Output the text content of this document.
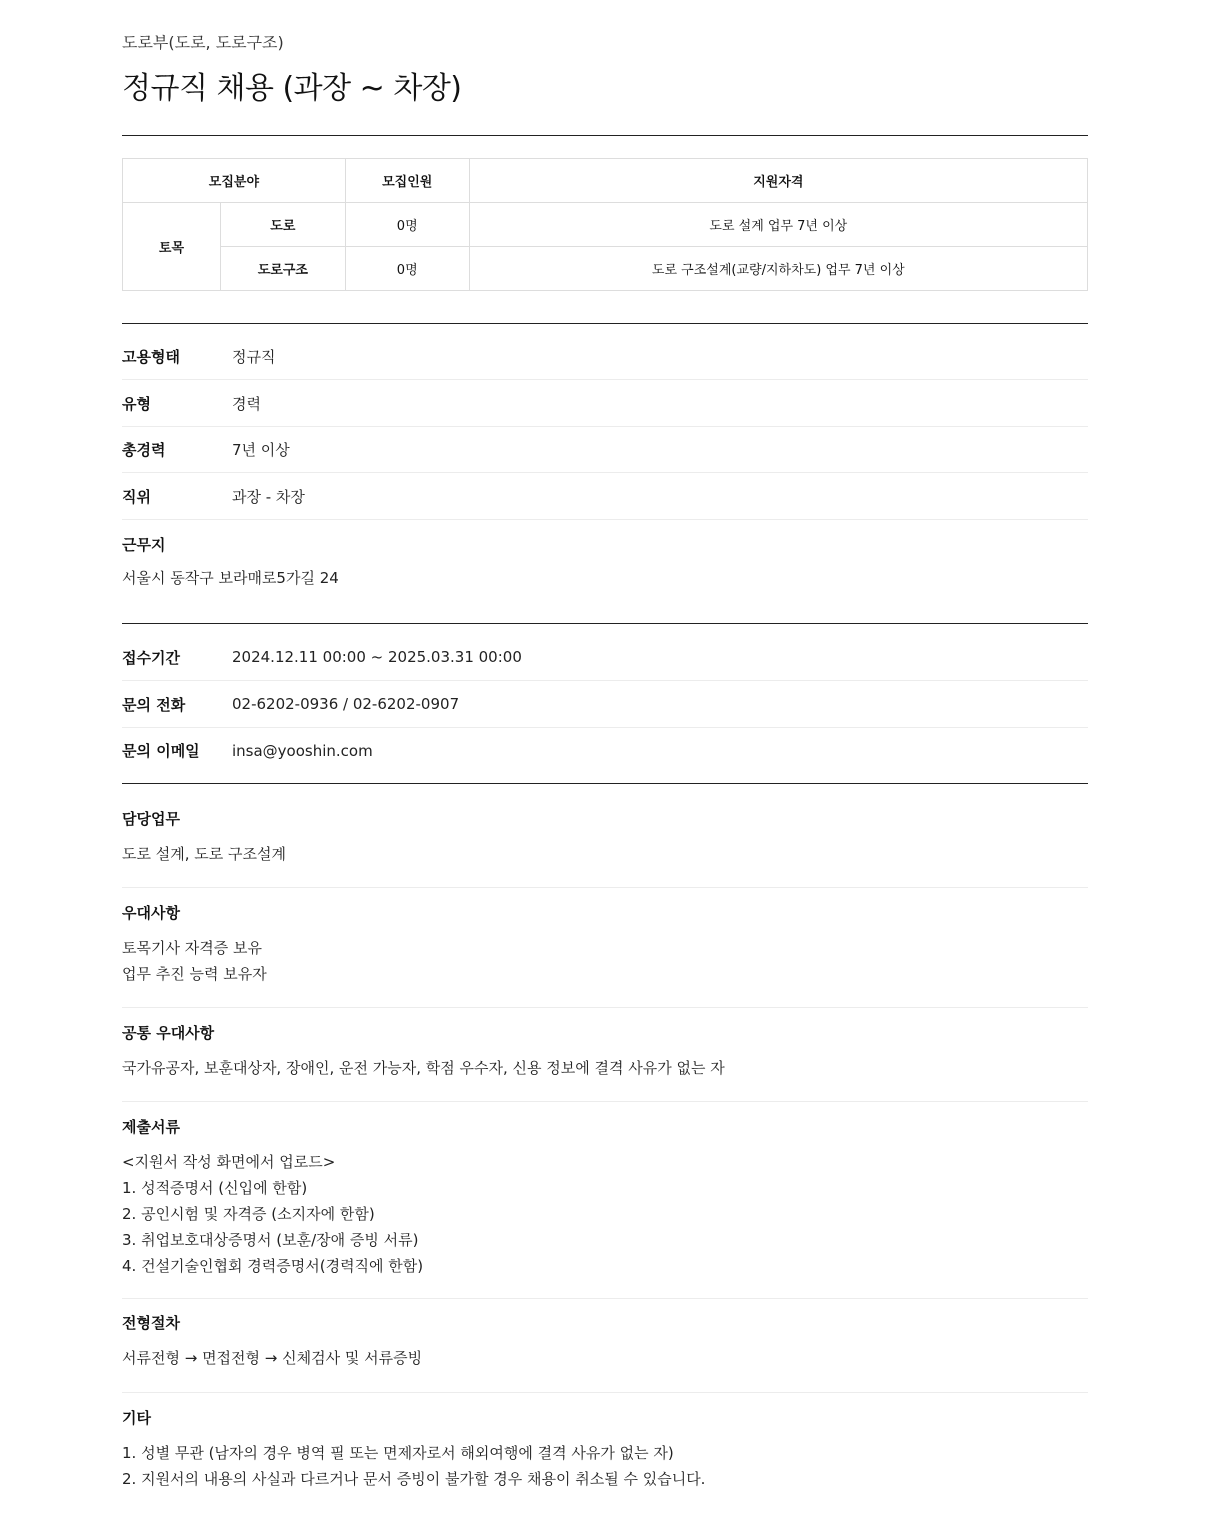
도로부(도로, 도로구조)
정규직 채용 (과장 ~ 차장)
모집분야		모집인원	지원자격
토목	도로	0명	도로 설계 업무 7년 이상
	도로구조	0명	도로 구조설계(교량/지하차도) 업무 7년 이상
고용형태	정규직
유형	경력
총경력	7년 이상
직위	과장 - 차장
근무지
서울시 동작구 보라매로5가길 24
접수기간	2024.12.11 00:00 ~ 2025.03.31 00:00
문의 전화	02-6202-0936 / 02-6202-0907
문의 이메일	insa@yooshin.com
담당업무
도로 설계, 도로 구조설계
우대사항
토목기사 자격증 보유
업무 추진 능력 보유자
공통 우대사항
국가유공자, 보훈대상자, 장애인, 운전 가능자, 학점 우수자, 신용 정보에 결격 사유가 없는 자
제출서류
<지원서 작성 화면에서 업로드>
1. 성적증명서 (신입에 한함)
2. 공인시험 및 자격증 (소지자에 한함)
3. 취업보호대상증명서 (보훈/장애 증빙 서류)
4. 건설기술인협회 경력증명서(경력직에 한함)
전형절차
서류전형 → 면접전형 → 신체검사 및 서류증빙
기타
1. 성별 무관 (남자의 경우 병역 필 또는 면제자로서 해외여행에 결격 사유가 없는 자)
2. 지원서의 내용의 사실과 다르거나 문서 증빙이 불가할 경우 채용이 취소될 수 있습니다.
